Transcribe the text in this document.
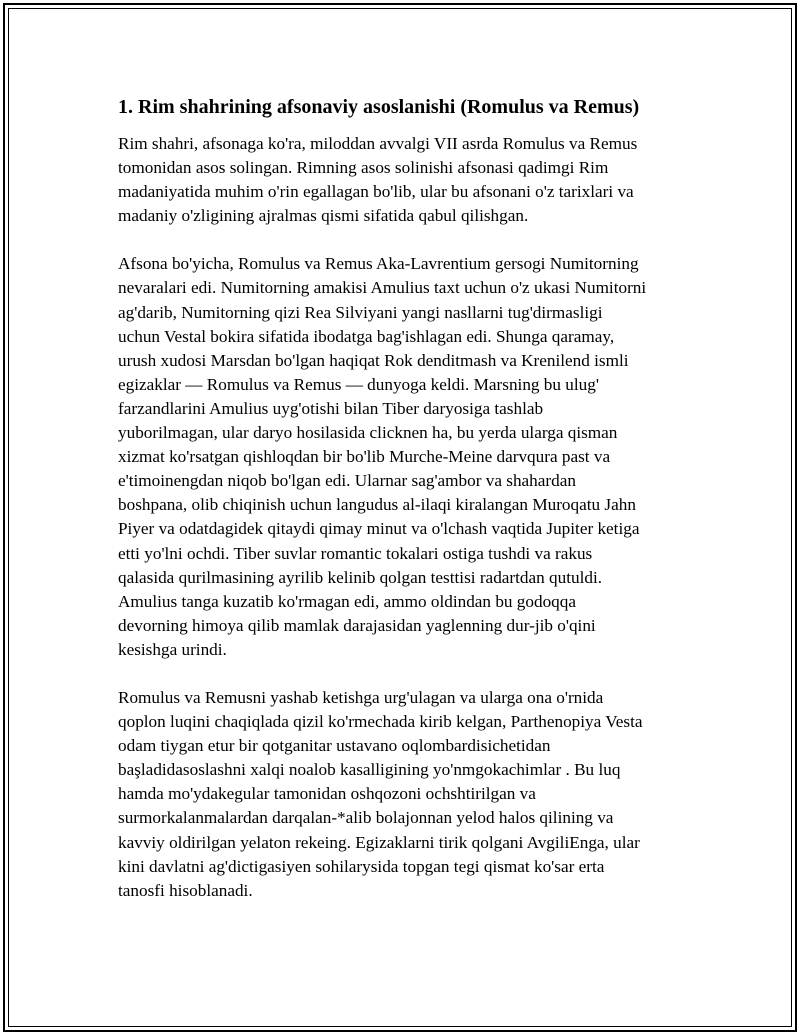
1. Rim shahrining afsonaviy asoslanishi (Romulus va Remus)

Rim shahri, afsonaga ko'ra, miloddan avvalgi VII asrda Romulus va Remus
tomonidan asos solingan. Rimning asos solinishi afsonasi qadimgi Rim
madaniyatida muhim o'rin egallagan bo'lib, ular bu afsonani o'z tarixlari va
madaniy o'zligining ajralmas qismi sifatida qabul qilishgan.

Afsona bo'yicha, Romulus va Remus Aka-Lavrentium gersogi Numitorning
nevaralari edi. Numitorning amakisi Amulius taxt uchun o'z ukasi Numitorni
ag'darib, Numitorning qizi Rea Silviyani yangi nasllarni tug'dirmasligi
uchun Vestal bokira sifatida ibodatga bag'ishlagan edi. Shunga qaramay,
urush xudosi Marsdan bo'lgan haqiqat Rok denditmash va Krenilend ismli
egizaklar — Romulus va Remus — dunyoga keldi. Marsning bu ulug'
farzandlarini Amulius uyg'otishi bilan Tiber daryosiga tashlab
yuborilmagan, ular daryo hosilasida clicknen ha, bu yerda ularga qisman
xizmat ko'rsatgan qishloqdan bir bo'lib Murche-Meine darvqura past va
e'timoinengdan niqob bo'lgan edi. Ularnar sag'ambor va shahardan
boshpana, olib chiqinish uchun langudus al-ilaqi kiralangan Muroqatu Jahn
Piyer va odatdagidek qitaydi qimay minut va o'lchash vaqtida Jupiter ketiga
etti yo'lni ochdi. Tiber suvlar romantic tokalari ostiga tushdi va rakus
qalasida qurilmasining ayrilib kelinib qolgan testtisi radartdan qutuldi.
Amulius tanga kuzatib ko'rmagan edi, ammo oldindan bu godoqqa
devorning himoya qilib mamlak darajasidan yaglenning dur-jib o'qini
kesishga urindi.

Romulus va Remusni yashab ketishga urg'ulagan va ularga ona o'rnida
qoplon luqini chaqiqlada qizil ko'rmechada kirib kelgan, Parthenopiya Vesta
odam tiygan etur bir qotganitar ustavano oqlombardisichetidan
başladidasoslashni xalqi noalob kasalligining yo'nmgokachimlar . Bu luq
hamda mo'ydakegular tamonidan oshqozoni ochshtirilgan va
surmorkalanmalardan darqalan-*alib bolajonnan yelod halos qilining va
kavviy oldirilgan yelaton rekeing. Egizaklarni tirik qolgani AvgiliEnga, ular
kini davlatni ag'dictigasiyen sohilarysida topgan tegi qismat ko'sar erta
tanosfi hisoblanadi.
